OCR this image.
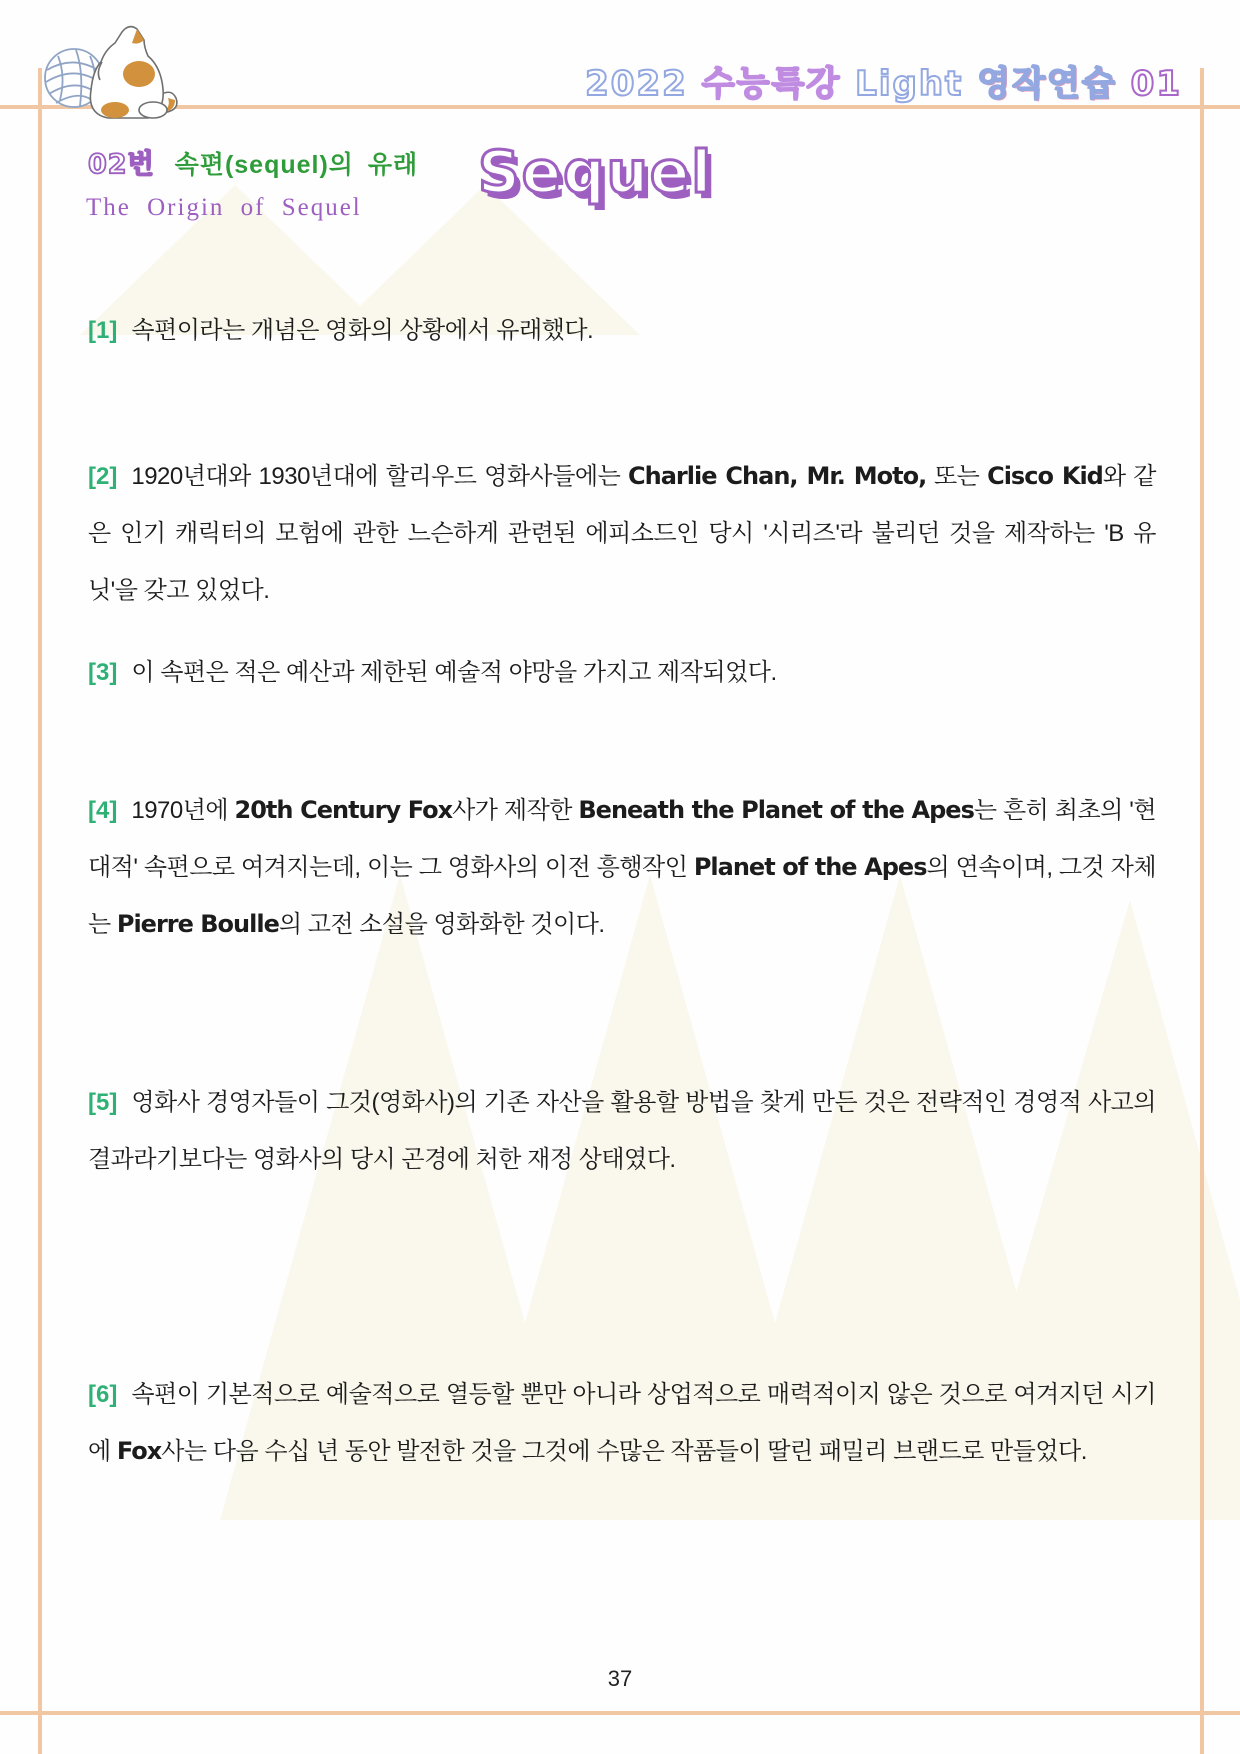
2022 수능특강 Light 영작연습 01
02번 속편(sequel)의 유래 Sequel
The Origin of Sequel
[1] 속편이라는 개념은 영화의 상황에서 유래했다.
[2] 1920년대와 1930년대에 할리우드 영화사들에는 Charlie Chan, Mr. Moto, 또는 Cisco Kid와 같은 인기 캐릭터의 모험에 관한 느슨하게 관련된 에피소드인 당시 '시리즈'라 불리던 것을 제작하는 'B 유닛'을 갖고 있었다.
[3] 이 속편은 적은 예산과 제한된 예술적 야망을 가지고 제작되었다.
[4] 1970년에 20th Century Fox사가 제작한 Beneath the Planet of the Apes는 흔히 최초의 '현대적' 속편으로 여겨지는데, 이는 그 영화사의 이전 흥행작인 Planet of the Apes의 연속이며, 그것 자체는 Pierre Boulle의 고전 소설을 영화화한 것이다.
[5] 영화사 경영자들이 그것(영화사)의 기존 자산을 활용할 방법을 찾게 만든 것은 전략적인 경영적 사고의 결과라기보다는 영화사의 당시 곤경에 처한 재정 상태였다.
[6] 속편이 기본적으로 예술적으로 열등할 뿐만 아니라 상업적으로 매력적이지 않은 것으로 여겨지던 시기에 Fox사는 다음 수십 년 동안 발전한 것을 그것에 수많은 작품들이 딸린 패밀리 브랜드로 만들었다.
37
